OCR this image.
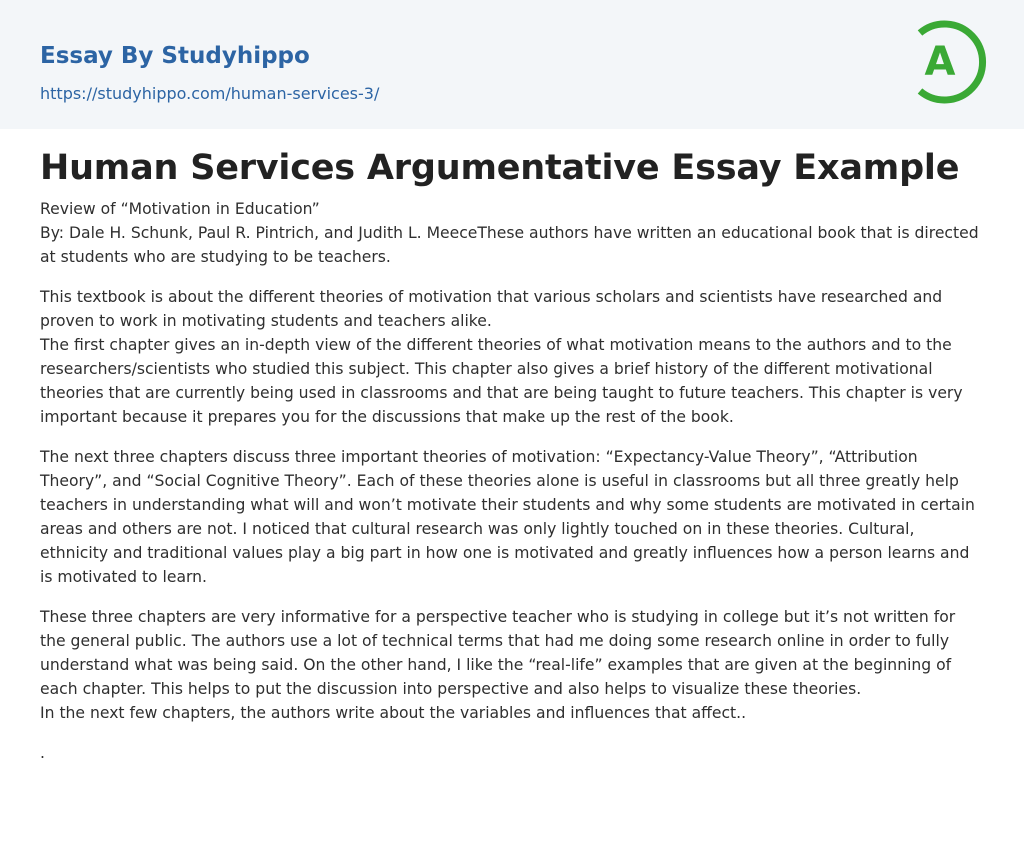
Essay By Studyhippo
https://studyhippo.com/human-services-3/
A
Human Services Argumentative Essay Example

Review of “Motivation in Education”
By: Dale H. Schunk, Paul R. Pintrich, and Judith L. MeeceThese authors have written an educational book that is directed at students who are studying to be teachers.

This textbook is about the different theories of motivation that various scholars and scientists have researched and proven to work in motivating students and teachers alike.
The first chapter gives an in-depth view of the different theories of what motivation means to the authors and to the researchers/scientists who studied this subject. This chapter also gives a brief history of the different motivational theories that are currently being used in classrooms and that are being taught to future teachers. This chapter is very important because it prepares you for the discussions that make up the rest of the book.

The next three chapters discuss three important theories of motivation: “Expectancy-Value Theory”, “Attribution Theory”, and “Social Cognitive Theory”. Each of these theories alone is useful in classrooms but all three greatly help teachers in understanding what will and won’t motivate their students and why some students are motivated in certain areas and others are not. I noticed that cultural research was only lightly touched on in these theories. Cultural, ethnicity and traditional values play a big part in how one is motivated and greatly influences how a person learns and is motivated to learn.

These three chapters are very informative for a perspective teacher who is studying in college but it’s not written for the general public. The authors use a lot of technical terms that had me doing some research online in order to fully understand what was being said. On the other hand, I like the “real-life” examples that are given at the beginning of each chapter. This helps to put the discussion into perspective and also helps to visualize these theories.
In the next few chapters, the authors write about the variables and influences that affect..

.
